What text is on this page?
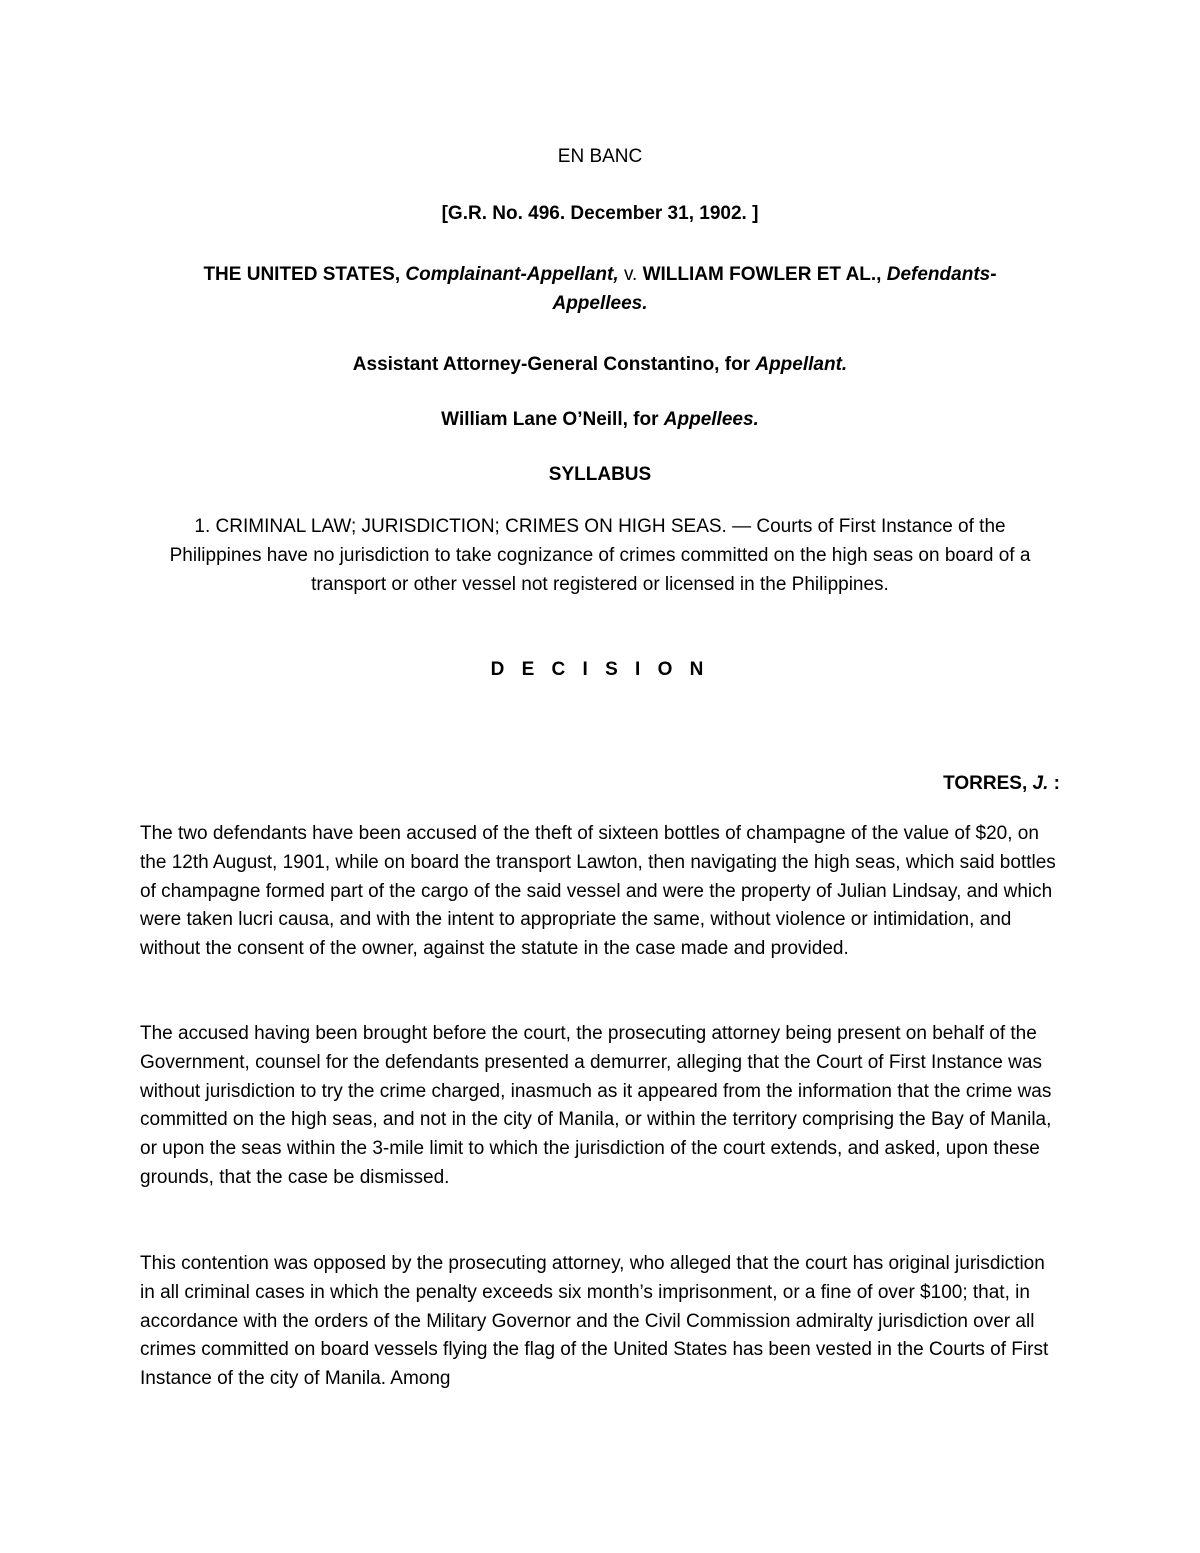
EN BANC

[G.R. No. 496. December 31, 1902. ]

THE UNITED STATES, Complainant-Appellant, v. WILLIAM FOWLER ET AL., Defendants-Appellees.

Assistant Attorney-General Constantino, for Appellant.

William Lane O’Neill, for Appellees.

SYLLABUS

1. CRIMINAL LAW; JURISDICTION; CRIMES ON HIGH SEAS. — Courts of First Instance of the Philippines have no jurisdiction to take cognizance of crimes committed on the high seas on board of a transport or other vessel not registered or licensed in the Philippines.

D E C I S I O N

TORRES, J. :

The two defendants have been accused of the theft of sixteen bottles of champagne of the value of $20, on the 12th August, 1901, while on board the transport Lawton, then navigating the high seas, which said bottles of champagne formed part of the cargo of the said vessel and were the property of Julian Lindsay, and which were taken lucri causa, and with the intent to appropriate the same, without violence or intimidation, and without the consent of the owner, against the statute in the case made and provided.

The accused having been brought before the court, the prosecuting attorney being present on behalf of the Government, counsel for the defendants presented a demurrer, alleging that the Court of First Instance was without jurisdiction to try the crime charged, inasmuch as it appeared from the information that the crime was committed on the high seas, and not in the city of Manila, or within the territory comprising the Bay of Manila, or upon the seas within the 3-mile limit to which the jurisdiction of the court extends, and asked, upon these grounds, that the case be dismissed.

This contention was opposed by the prosecuting attorney, who alleged that the court has original jurisdiction in all criminal cases in which the penalty exceeds six month’s imprisonment, or a fine of over $100; that, in accordance with the orders of the Military Governor and the Civil Commission admiralty jurisdiction over all crimes committed on board vessels flying the flag of the United States has been vested in the Courts of First Instance of the city of Manila. Among
